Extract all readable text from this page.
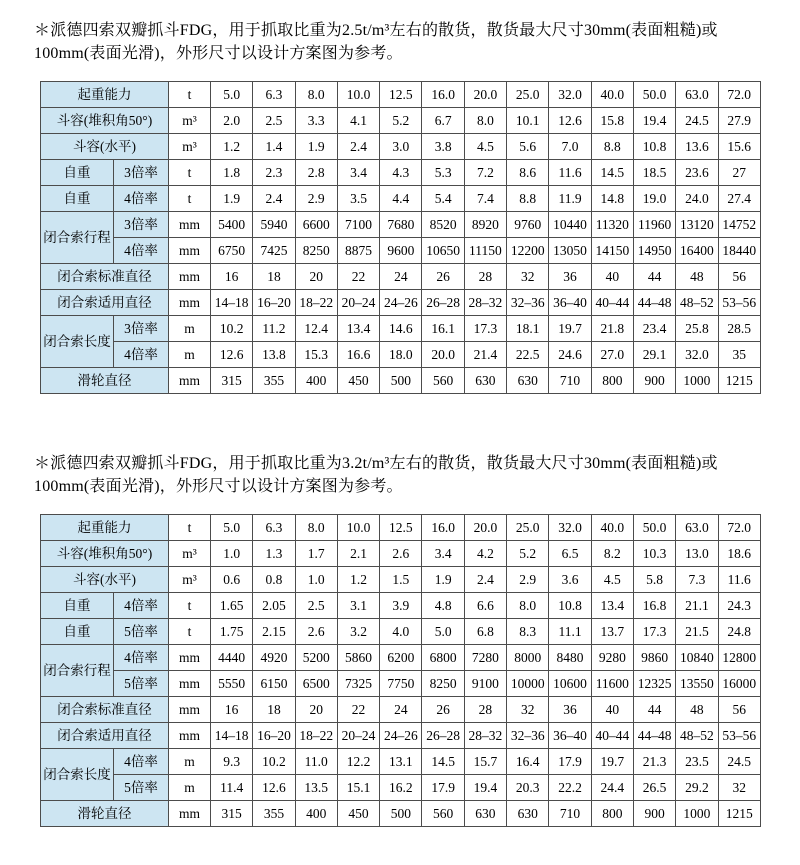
＊派德四索双瓣抓斗FDG，用于抓取比重为2.5t/m³左右的散货，散货最大尺寸30mm(表面粗糙)或100mm(表面光滑)，外形尺寸以设计方案图为参考。

起重能力		t	5.0	6.3	8.0	10.0	12.5	16.0	20.0	25.0	32.0	40.0	50.0	63.0	72.0
斗容(堆积角50°)		m³	2.0	2.5	3.3	4.1	5.2	6.7	8.0	10.1	12.6	15.8	19.4	24.5	27.9
斗容(水平)		m³	1.2	1.4	1.9	2.4	3.0	3.8	4.5	5.6	7.0	8.8	10.8	13.6	15.6
自重	3倍率	t	1.8	2.3	2.8	3.4	4.3	5.3	7.2	8.6	11.6	14.5	18.5	23.6	27
自重	4倍率	t	1.9	2.4	2.9	3.5	4.4	5.4	7.4	8.8	11.9	14.8	19.0	24.0	27.4
闭合索行程	3倍率	mm	5400	5940	6600	7100	7680	8520	8920	9760	10440	11320	11960	13120	14752
	4倍率	mm	6750	7425	8250	8875	9600	10650	11150	12200	13050	14150	14950	16400	18440
闭合索标准直径		mm	16	18	20	22	24	26	28	32	36	40	44	48	56
闭合索适用直径		mm	14–18	16–20	18–22	20–24	24–26	26–28	28–32	32–36	36–40	40–44	44–48	48–52	53–56
闭合索长度	3倍率	m	10.2	11.2	12.4	13.4	14.6	16.1	17.3	18.1	19.7	21.8	23.4	25.8	28.5
	4倍率	m	12.6	13.8	15.3	16.6	18.0	20.0	21.4	22.5	24.6	27.0	29.1	32.0	35
滑轮直径		mm	315	355	400	450	500	560	630	630	710	800	900	1000	1215

＊派德四索双瓣抓斗FDG，用于抓取比重为3.2t/m³左右的散货，散货最大尺寸30mm(表面粗糙)或100mm(表面光滑)，外形尺寸以设计方案图为参考。

起重能力		t	5.0	6.3	8.0	10.0	12.5	16.0	20.0	25.0	32.0	40.0	50.0	63.0	72.0
斗容(堆积角50°)		m³	1.0	1.3	1.7	2.1	2.6	3.4	4.2	5.2	6.5	8.2	10.3	13.0	18.6
斗容(水平)		m³	0.6	0.8	1.0	1.2	1.5	1.9	2.4	2.9	3.6	4.5	5.8	7.3	11.6
自重	4倍率	t	1.65	2.05	2.5	3.1	3.9	4.8	6.6	8.0	10.8	13.4	16.8	21.1	24.3
自重	5倍率	t	1.75	2.15	2.6	3.2	4.0	5.0	6.8	8.3	11.1	13.7	17.3	21.5	24.8
闭合索行程	4倍率	mm	4440	4920	5200	5860	6200	6800	7280	8000	8480	9280	9860	10840	12800
	5倍率	mm	5550	6150	6500	7325	7750	8250	9100	10000	10600	11600	12325	13550	16000
闭合索标准直径		mm	16	18	20	22	24	26	28	32	36	40	44	48	56
闭合索适用直径		mm	14–18	16–20	18–22	20–24	24–26	26–28	28–32	32–36	36–40	40–44	44–48	48–52	53–56
闭合索长度	4倍率	m	9.3	10.2	11.0	12.2	13.1	14.5	15.7	16.4	17.9	19.7	21.3	23.5	24.5
	5倍率	m	11.4	12.6	13.5	15.1	16.2	17.9	19.4	20.3	22.2	24.4	26.5	29.2	32
滑轮直径		mm	315	355	400	450	500	560	630	630	710	800	900	1000	1215
